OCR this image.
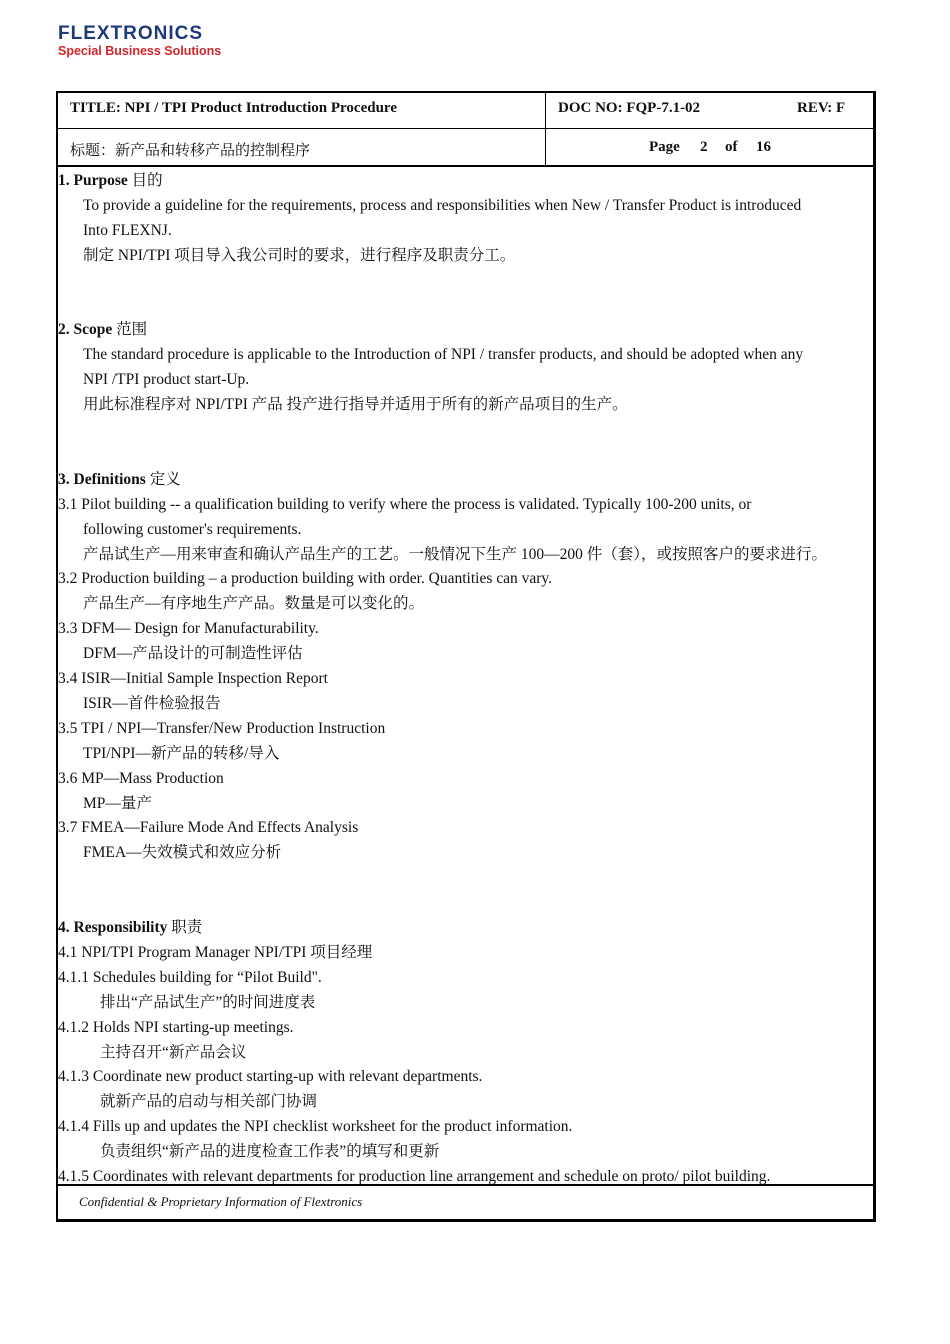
FLEXTRONICS
Special Business Solutions
TITLE: NPI / TPI Product Introduction Procedure	DOC NO: FQP-7.1-02	REV: F
标题：新产品和转移产品的控制程序	Page 2 of 16
1. Purpose 目的
To provide a guideline for the requirements, process and responsibilities when New / Transfer Product is introduced
Into FLEXNJ.
制定 NPI/TPI 项目导入我公司时的要求，进行程序及职责分工。
2. Scope 范围
The standard procedure is applicable to the Introduction of NPI / transfer products, and should be adopted when any
NPI /TPI product start-Up.
用此标准程序对 NPI/TPI 产品 投产进行指导并适用于所有的新产品项目的生产。
3. Definitions 定义
3.1 Pilot building -- a qualification building to verify where the process is validated. Typically 100-200 units, or
following customer's requirements.
产品试生产—用来审查和确认产品生产的工艺。一般情况下生产 100—200 件（套），或按照客户的要求进行。
3.2 Production building – a production building with order. Quantities can vary.
产品生产—有序地生产产品。数量是可以变化的。
3.3 DFM— Design for Manufacturability.
DFM—产品设计的可制造性评估
3.4 ISIR—Initial Sample Inspection Report
ISIR—首件检验报告
3.5 TPI / NPI—Transfer/New Production Instruction
TPI/NPI—新产品的转移/导入
3.6 MP—Mass Production
MP—量产
3.7 FMEA—Failure Mode And Effects Analysis
FMEA—失效模式和效应分析
4. Responsibility 职责
4.1 NPI/TPI Program Manager NPI/TPI 项目经理
4.1.1 Schedules building for “Pilot Build".
排出“产品试生产”的时间进度表
4.1.2 Holds NPI starting-up meetings.
主持召开“新产品会议
4.1.3 Coordinate new product starting-up with relevant departments.
就新产品的启动与相关部门协调
4.1.4 Fills up and updates the NPI checklist worksheet for the product information.
负责组织“新产品的进度检查工作表”的填写和更新
4.1.5 Coordinates with relevant departments for production line arrangement and schedule on proto/ pilot building.
Confidential & Proprietary Information of Flextronics
